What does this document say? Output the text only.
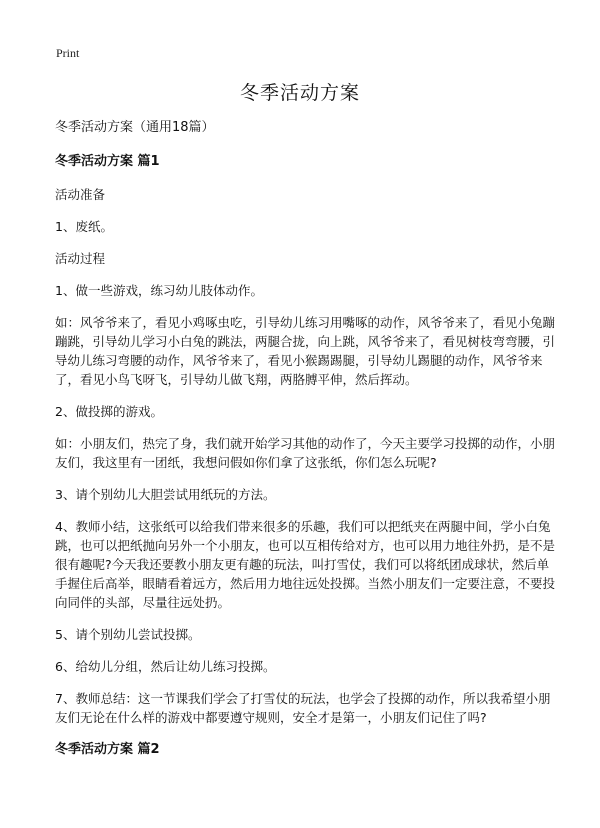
Print
冬季活动方案
冬季活动方案（通用18篇）
冬季活动方案 篇1
活动准备
1、废纸。
活动过程
1、做一些游戏，练习幼儿肢体动作。
如：风爷爷来了，看见小鸡啄虫吃，引导幼儿练习用嘴啄的动作，风爷爷来了，看见小兔蹦蹦跳，引导幼儿学习小白兔的跳法，两腿合拢，向上跳，风爷爷来了，看见树枝弯弯腰，引导幼儿练习弯腰的动作，风爷爷来了，看见小猴踢踢腿，引导幼儿踢腿的动作，风爷爷来了，看见小鸟飞呀飞，引导幼儿做飞翔，两胳膊平伸，然后挥动。
2、做投掷的游戏。
如：小朋友们，热完了身，我们就开始学习其他的动作了，今天主要学习投掷的动作，小朋友们，我这里有一团纸，我想问假如你们拿了这张纸，你们怎么玩呢?
3、请个别幼儿大胆尝试用纸玩的方法。
4、教师小结，这张纸可以给我们带来很多的乐趣，我们可以把纸夹在两腿中间，学小白兔跳，也可以把纸抛向另外一个小朋友，也可以互相传给对方，也可以用力地往外扔，是不是很有趣呢?今天我还要教小朋友更有趣的玩法，叫打雪仗，我们可以将纸团成球状，然后单手握住后高举，眼睛看着远方，然后用力地往远处投掷。当然小朋友们一定要注意，不要投向同伴的头部，尽量往远处扔。
5、请个别幼儿尝试投掷。
6、给幼儿分组，然后让幼儿练习投掷。
7、教师总结：这一节课我们学会了打雪仗的玩法，也学会了投掷的动作，所以我希望小朋友们无论在什么样的游戏中都要遵守规则，安全才是第一，小朋友们记住了吗?
冬季活动方案 篇2
